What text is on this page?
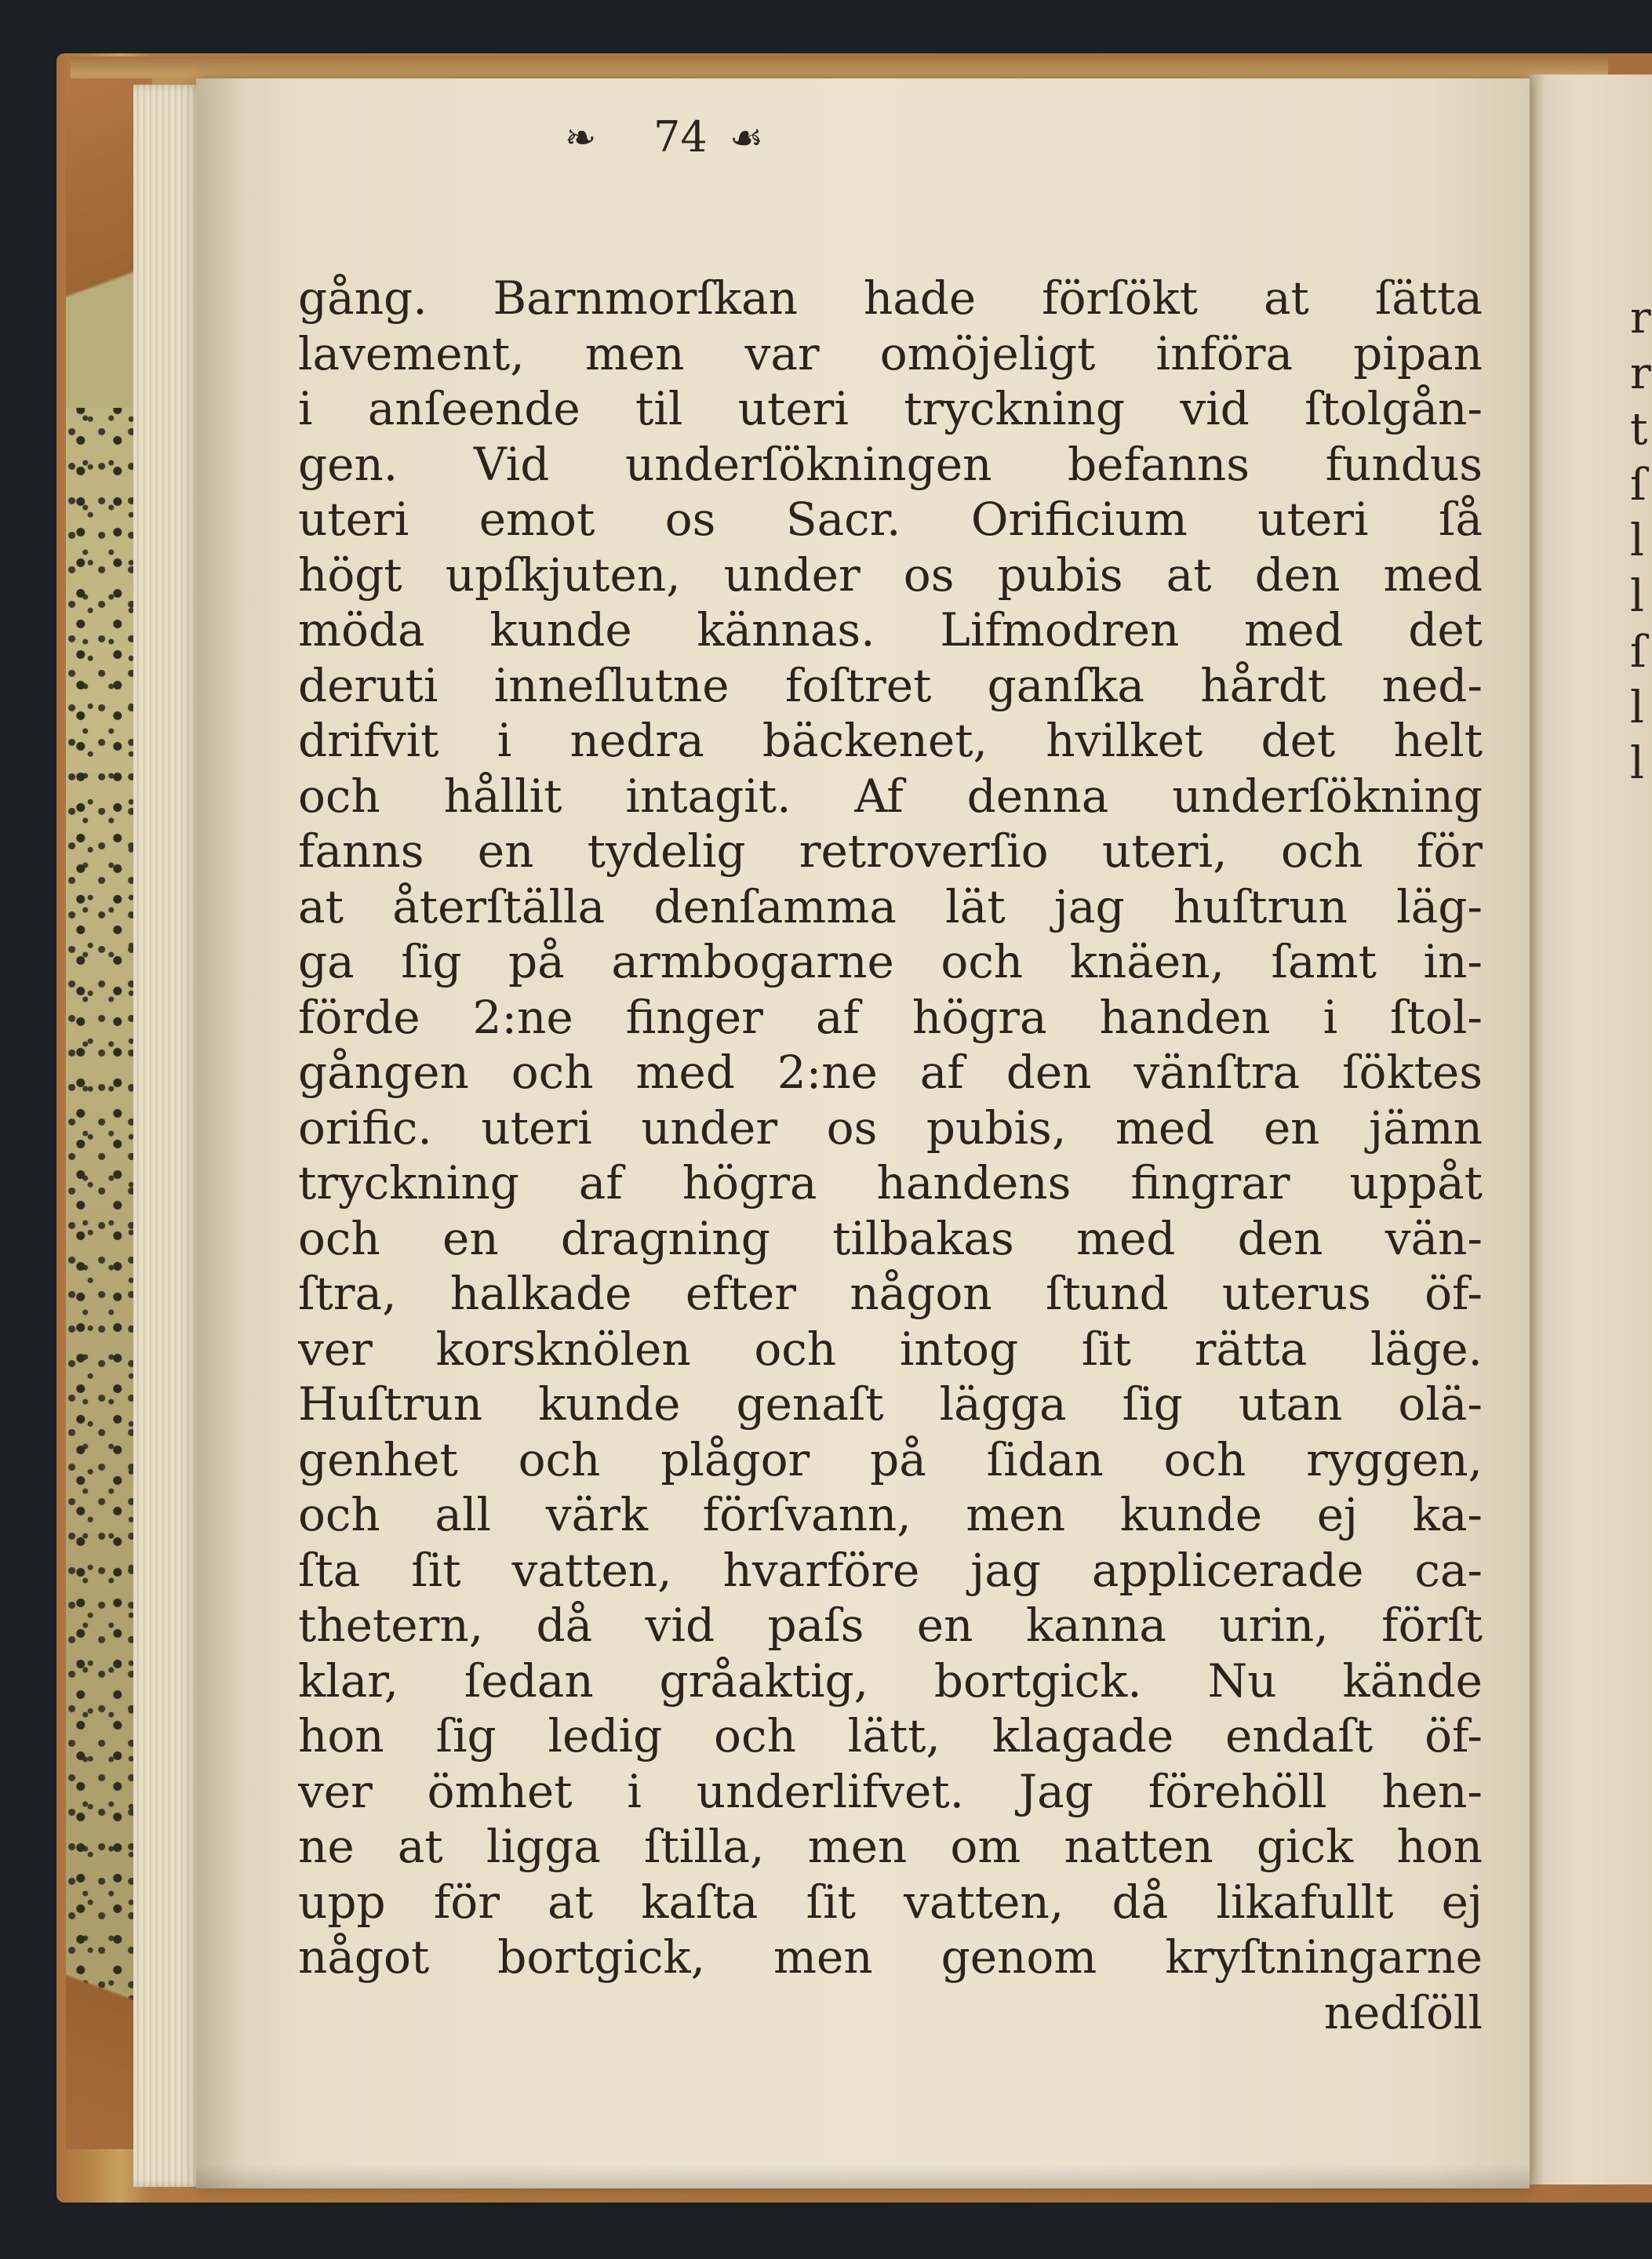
r
r
t
ſ
l
l
ſ
l
l
❧ 74 ☙
gång. Barnmorſkan hade förſökt at ſätta
lavement, men var omöjeligt införa pipan
i anſeende til uteri tryckning vid ſtolgån-
gen. Vid underſökningen befanns fundus
uteri emot os Sacr. Orificium uteri ſå
högt upſkjuten, under os pubis at den med
möda kunde kännas. Lifmodren med det
deruti inneſlutne foſtret ganſka hårdt ned-
drifvit i nedra bäckenet, hvilket det helt
och hållit intagit. Af denna underſökning
fanns en tydelig retroverſio uteri, och för
at återſtälla denſamma lät jag huſtrun läg-
ga ſig på armbogarne och knäen, ſamt in-
förde 2:ne finger af högra handen i ſtol-
gången och med 2:ne af den vänſtra ſöktes
orific. uteri under os pubis, med en jämn
tryckning af högra handens fingrar uppåt
och en dragning tilbakas med den vän-
ſtra, halkade efter någon ſtund uterus öf-
ver korsknölen och intog ſit rätta läge.
Huſtrun kunde genaſt lägga ſig utan olä-
genhet och plågor på ſidan och ryggen,
och all värk förſvann, men kunde ej ka-
ſta ſit vatten, hvarföre jag applicerade ca-
thetern, då vid paſs en kanna urin, förſt
klar, ſedan gråaktig, bortgick. Nu kände
hon ſig ledig och lätt, klagade endaſt öf-
ver ömhet i underlifvet. Jag förehöll hen-
ne at ligga ſtilla, men om natten gick hon
upp för at kaſta ſit vatten, då likafullt ej
något bortgick, men genom kryſtningarne
nedſöll
